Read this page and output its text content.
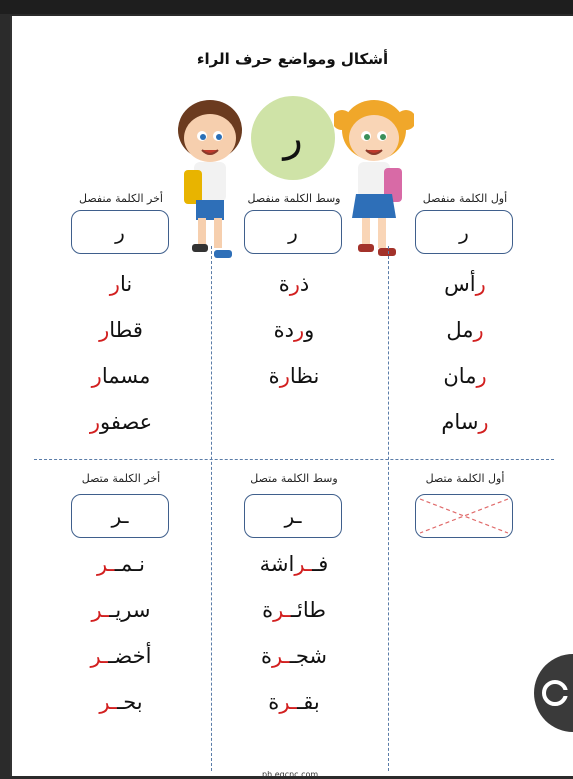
أشكال ومواضع حرف الراء
ر
أول الكلمة منفصل
ر
رأس
رمل
رمان
رسام
وسط الكلمة منفصل
ر
ذرة
وردة
نظارة
أخر الكلمة منفصل
ر
نار
قطار
مسمار
عصفور
أول الكلمة متصل
وسط الكلمة متصل
ـر
فــراشة
طائــرة
شجــرة
بقــرة
أخر الكلمة متصل
ـر
نـمــر
سريــر
أخضــر
بحــر
ph.egcnc.com
